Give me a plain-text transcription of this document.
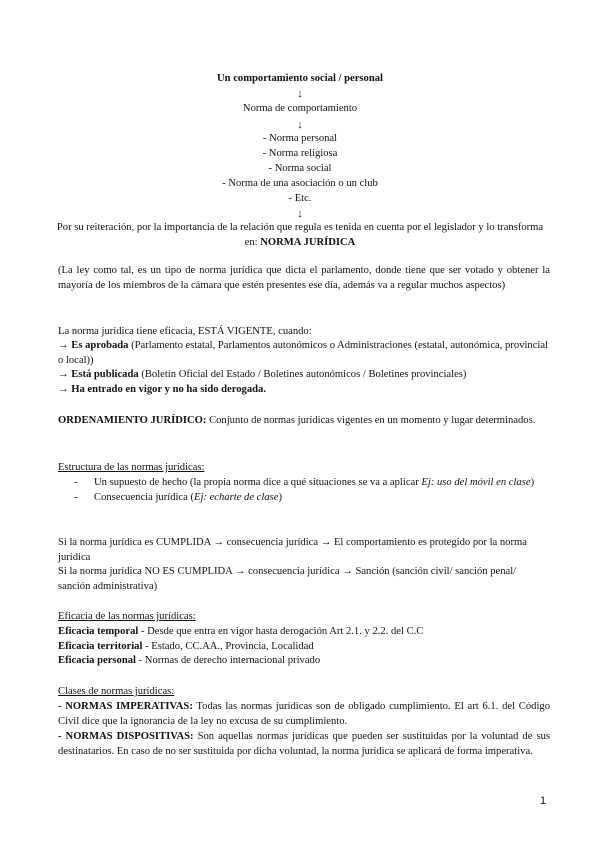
Un comportamiento social / personal
↓
Norma de comportamiento
↓
- Norma personal
- Norma religiosa
- Norma social
- Norma de una asociación o un club
- Etc.
↓
Por su reiteración, por la importancia de la relación que regula es tenida en cuenta por el legislador y lo transforma en: NORMA JURÍDICA
(La ley como tal, es un tipo de norma jurídica que dicta el parlamento, donde tiene que ser votado y obtener la mayoría de los miembros de la cámara que estén presentes ese día, además va a regular muchos aspectos)
La norma jurídica tiene eficacia, ESTÁ VIGENTE, cuando:
→ Es aprobada (Parlamento estatal, Parlamentos autonómicos o Administraciones (estatal, autonómica, provincial o local))
→ Está publicada (Boletín Oficial del Estado / Boletines autonómicos / Boletines provinciales)
→ Ha entrado en vigor y no ha sido derogada.
ORDENAMIENTO JURÍDICO: Conjunto de normas jurídicas vigentes en un momento y lugar determinados.
Estructura de las normas jurídicas:
- Un supuesto de hecho (la propia norma dice a qué situaciones se va a aplicar Ej: uso del móvil en clase)
- Consecuencia jurídica (Ej: echarte de clase)
Si la norma jurídica es CUMPLIDA → consecuencia jurídica → El comportamiento es protegido por la norma jurídica
Si la norma jurídica NO ES CUMPLIDA → consecuencia jurídica → Sanción (sanción civil/ sanción penal/ sanción administrativa)
Eficacia de las normas jurídicas:
Eficacia temporal - Desde que entra en vigor hasta derogación Art 2.1. y 2.2. del C.C
Eficacia territorial - Estado, CC.AA., Provincia, Localidad
Eficacia personal - Normas de derecho internacional privado
Clases de normas jurídicas:
- NORMAS IMPERATIVAS: Todas las normas jurídicas son de obligado cumplimiento. El art 6.1. del Código Civil dice que la ignorancia de la ley no excusa de su cumplimiento.
- NORMAS DISPOSITIVAS: Son aquellas normas jurídicas que pueden ser sustituidas por la voluntad de sus destinatarios. En caso de no ser sustituida por dicha voluntad, la norma jurídica se aplicará de forma imperativa.
1
